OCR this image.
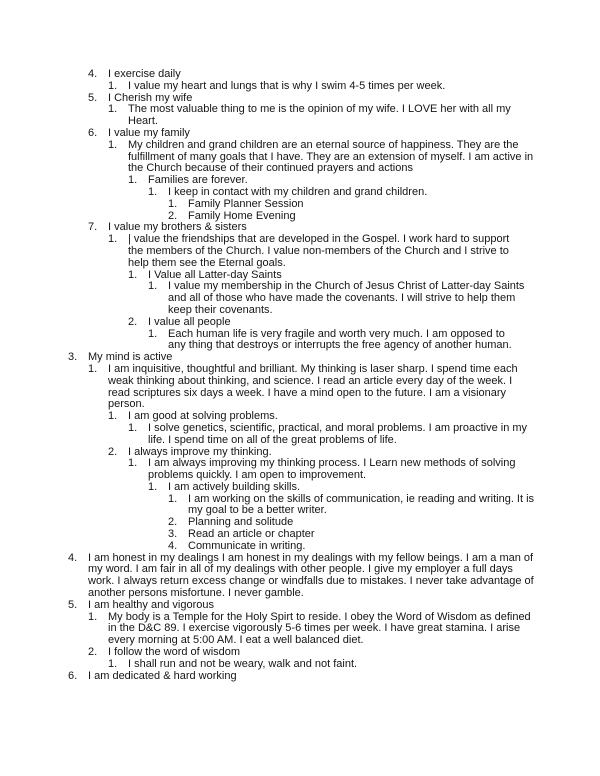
4. I exercise daily
1. I value my heart and lungs that is why I swim 4-5 times per week.
5. I Cherish my wife
1. The most valuable thing to me is the opinion of my wife. I LOVE her with all my
Heart.
6. I value my family
1. My children and grand children are an eternal source of happiness. They are the
fulfillment of many goals that I have. They are an extension of myself. I am active in
the Church because of their continued prayers and actions
1. Families are forever.
1. I keep in contact with my children and grand children.
1. Family Planner Session
2. Family Home Evening
7. I value my brothers & sisters
1. | value the friendships that are developed in the Gospel. I work hard to support
the members of the Church. I value non-members of the Church and I strive to
help them see the Eternal goals.
1. I Value all Latter-day Saints
1. I value my membership in the Church of Jesus Christ of Latter-day Saints
and all of those who have made the covenants. I will strive to help them
keep their covenants.
2. I value all people
1. Each human life is very fragile and worth very much. I am opposed to
any thing that destroys or interrupts the free agency of another human.
3. My mind is active
1. I am inquisitive, thoughtful and brilliant. My thinking is laser sharp. I spend time each
weak thinking about thinking, and science. I read an article every day of the week. I
read scriptures six days a week. I have a mind open to the future. I am a visionary
person.
1. I am good at solving problems.
1. I solve genetics, scientific, practical, and moral problems. I am proactive in my
life. I spend time on all of the great problems of life.
2. I always improve my thinking.
1. I am always improving my thinking process. I Learn new methods of solving
problems quickly. I am open to improvement.
1. I am actively building skills.
1. I am working on the skills of communication, ie reading and writing. It is
my goal to be a better writer.
2. Planning and solitude
3. Read an article or chapter
4. Communicate in writing.
4. I am honest in my dealings I am honest in my dealings with my fellow beings. I am a man of
my word. I am fair in all of my dealings with other people. I give my employer a full days
work. I always return excess change or windfalls due to mistakes. I never take advantage of
another persons misfortune. I never gamble.
5. I am healthy and vigorous
1. My body is a Temple for the Holy Spirt to reside. I obey the Word of Wisdom as defined
in the D&C 89. I exercise vigorously 5-6 times per week. I have great stamina. I arise
every morning at 5:00 AM. I eat a well balanced diet.
2. I follow the word of wisdom
1. I shall run and not be weary, walk and not faint.
6. I am dedicated & hard working
